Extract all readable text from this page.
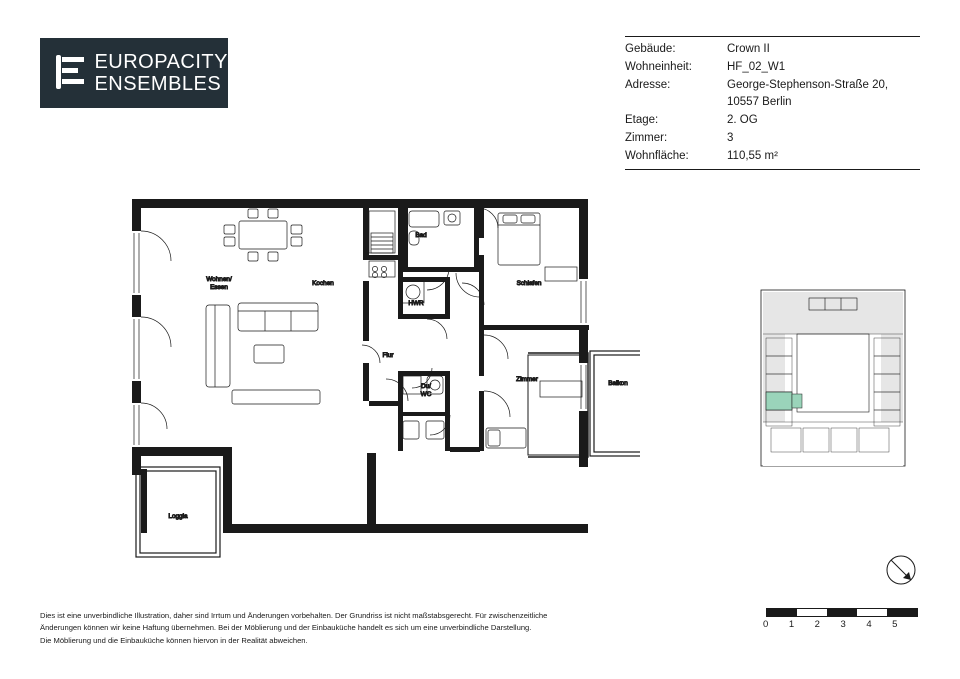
EUROPACITY
ENSEMBLES
Gebäude:	Crown II
Wohneinheit:	HF_02_W1
Adresse:	George-Stephenson-Straße 20,
10557 Berlin
Etage:	2. OG
Zimmer:	3
Wohnfläche:	110,55 m²
Wohnen/
Essen
Kochen
Bad
Schlafen
HWR
Flur
Du/
WC
Zimmer
Balkon
Loggia
0	1	2	3	4	5
Dies ist eine unverbindliche Illustration, daher sind Irrtum und Änderungen vorbehalten. Der Grundriss ist nicht maßstabsgerecht. Für zwischenzeitliche
Änderungen können wir keine Haftung übernehmen. Bei der Möblierung und der Einbauküche handelt es sich um eine unverbindliche Darstellung.
Die Möblierung und die Einbauküche können hiervon in der Realität abweichen.
